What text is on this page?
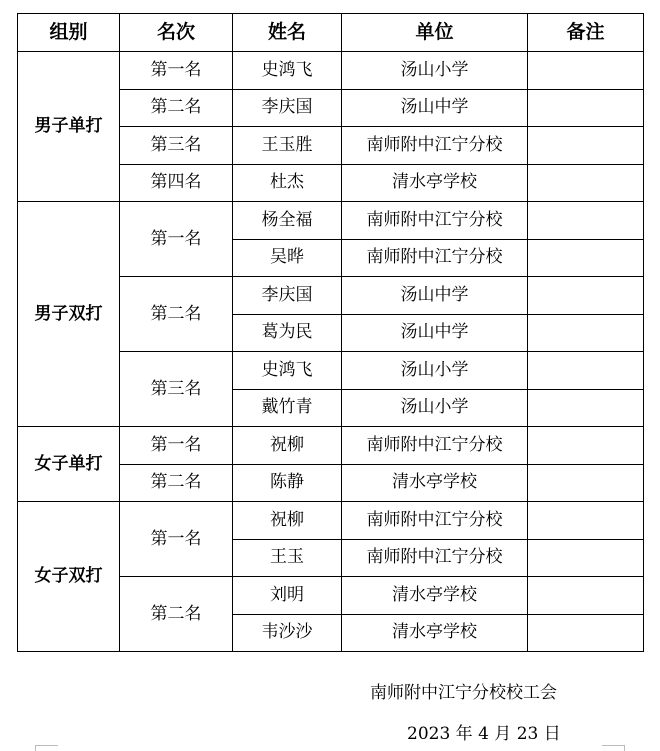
组别	名次	姓名	单位	备注
男子单打	第一名	史鸿飞	汤山小学	
	第二名	李庆国	汤山中学	
	第三名	王玉胜	南师附中江宁分校	
	第四名	杜杰	清水亭学校	
男子双打	第一名	杨全福	南师附中江宁分校	
		吴晔	南师附中江宁分校	
	第二名	李庆国	汤山中学	
		葛为民	汤山中学	
	第三名	史鸿飞	汤山小学	
		戴竹青	汤山小学	
女子单打	第一名	祝柳	南师附中江宁分校	
	第二名	陈静	清水亭学校	
女子双打	第一名	祝柳	南师附中江宁分校	
		王玉	南师附中江宁分校	
	第二名	刘明	清水亭学校	
		韦沙沙	清水亭学校	
南师附中江宁分校校工会
2023 年 4 月 23 日
